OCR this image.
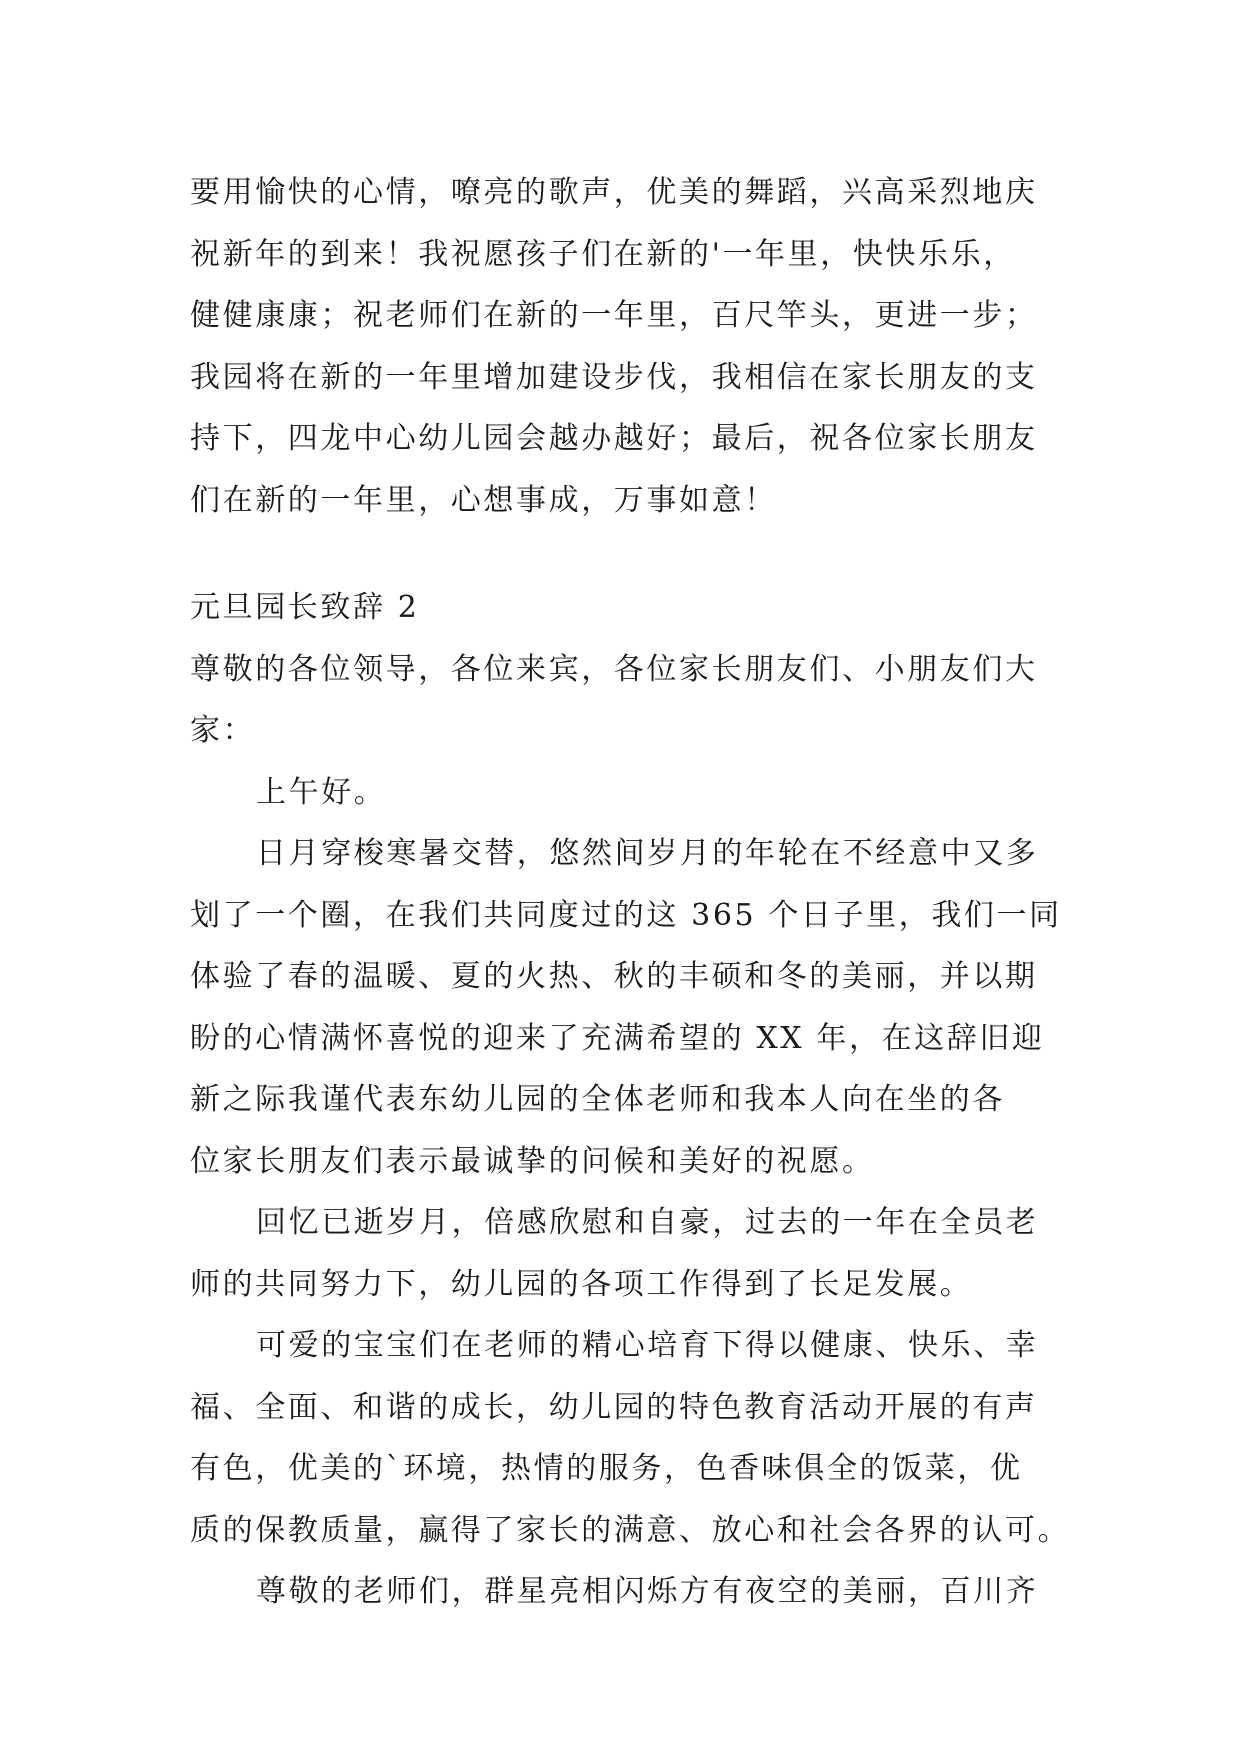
要用愉快的心情，嘹亮的歌声，优美的舞蹈，兴高采烈地庆
祝新年的到来！我祝愿孩子们在新的'一年里，快快乐乐，
健健康康；祝老师们在新的一年里，百尺竿头，更进一步；
我园将在新的一年里增加建设步伐，我相信在家长朋友的支
持下，四龙中心幼儿园会越办越好；最后，祝各位家长朋友
们在新的一年里，心想事成，万事如意！
元旦园长致辞 2
尊敬的各位领导，各位来宾，各位家长朋友们、小朋友们大
家：
上午好。
日月穿梭寒暑交替，悠然间岁月的年轮在不经意中又多
划了一个圈，在我们共同度过的这 365 个日子里，我们一同
体验了春的温暖、夏的火热、秋的丰硕和冬的美丽，并以期
盼的心情满怀喜悦的迎来了充满希望的 XX 年，在这辞旧迎
新之际我谨代表东幼儿园的全体老师和我本人向在坐的各
位家长朋友们表示最诚挚的问候和美好的祝愿。
回忆已逝岁月，倍感欣慰和自豪，过去的一年在全员老
师的共同努力下，幼儿园的各项工作得到了长足发展。
可爱的宝宝们在老师的精心培育下得以健康、快乐、幸
福、全面、和谐的成长，幼儿园的特色教育活动开展的有声
有色，优美的`环境，热情的服务，色香味俱全的饭菜，优
质的保教质量，赢得了家长的满意、放心和社会各界的认可。
尊敬的老师们，群星亮相闪烁方有夜空的美丽，百川齐
